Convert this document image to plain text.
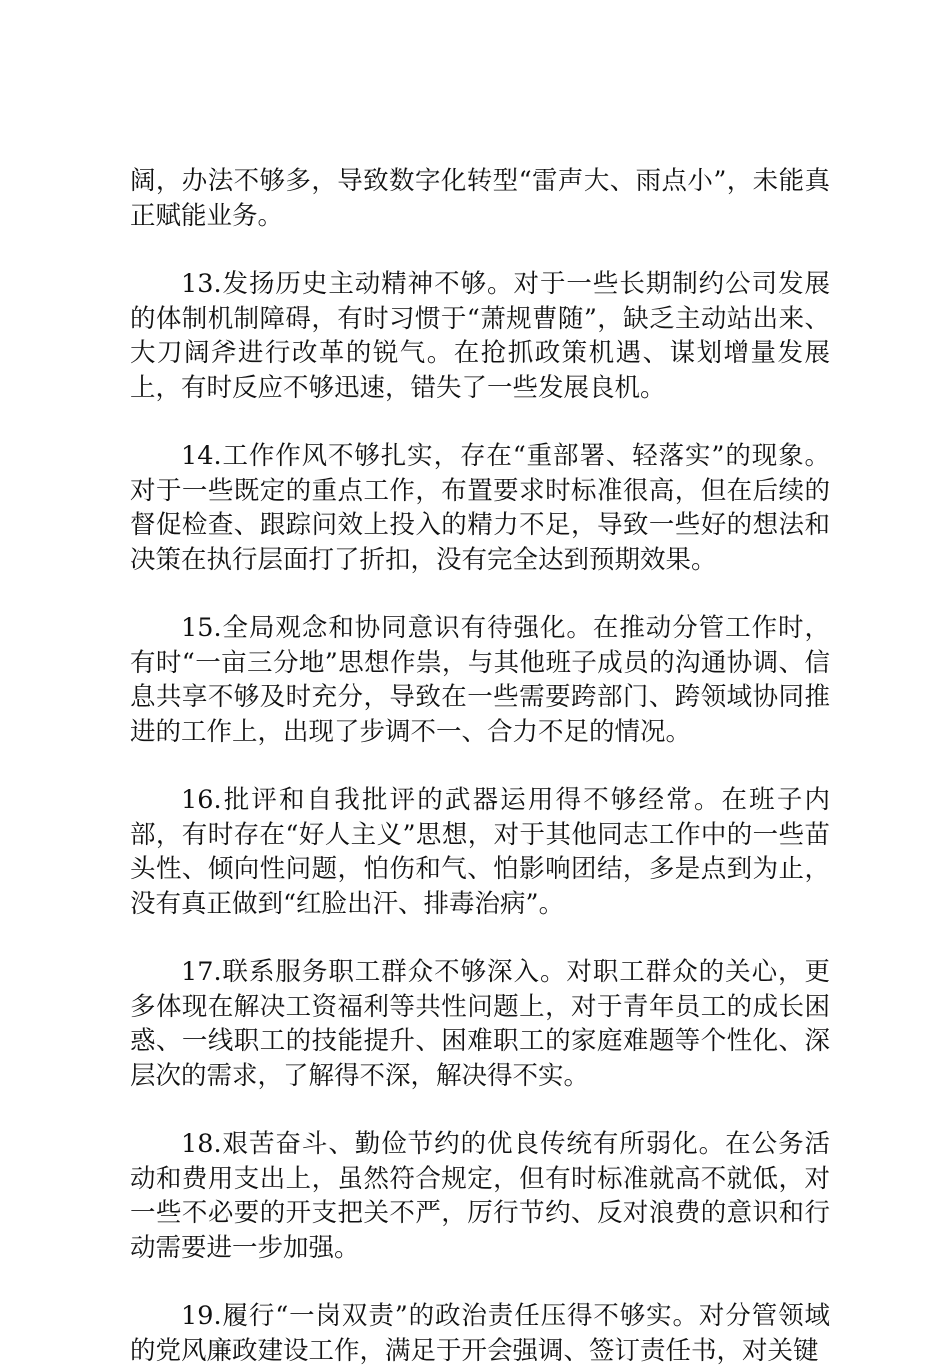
阔，办法不够多，导致数字化转型“雷声大、雨点小”，未能真正赋能业务。

13.发扬历史主动精神不够。对于一些长期制约公司发展的体制机制障碍，有时习惯于“萧规曹随”，缺乏主动站出来、大刀阔斧进行改革的锐气。在抢抓政策机遇、谋划增量发展上，有时反应不够迅速，错失了一些发展良机。

14.工作作风不够扎实，存在“重部署、轻落实”的现象。对于一些既定的重点工作，布置要求时标准很高，但在后续的督促检查、跟踪问效上投入的精力不足，导致一些好的想法和决策在执行层面打了折扣，没有完全达到预期效果。

15.全局观念和协同意识有待强化。在推动分管工作时，有时“一亩三分地”思想作祟，与其他班子成员的沟通协调、信息共享不够及时充分，导致在一些需要跨部门、跨领域协同推进的工作上，出现了步调不一、合力不足的情况。

16.批评和自我批评的武器运用得不够经常。在班子内部，有时存在“好人主义”思想，对于其他同志工作中的一些苗头性、倾向性问题，怕伤和气、怕影响团结，多是点到为止，没有真正做到“红脸出汗、排毒治病”。

17.联系服务职工群众不够深入。对职工群众的关心，更多体现在解决工资福利等共性问题上，对于青年员工的成长困惑、一线职工的技能提升、困难职工的家庭难题等个性化、深层次的需求，了解得不深，解决得不实。

18.艰苦奋斗、勤俭节约的优良传统有所弱化。在公务活动和费用支出上，虽然符合规定，但有时标准就高不就低，对一些不必要的开支把关不严，厉行节约、反对浪费的意识和行动需要进一步加强。

19.履行“一岗双责”的政治责任压得不够实。对分管领域的党风廉政建设工作，满足于开会强调、签订责任书，对关键
